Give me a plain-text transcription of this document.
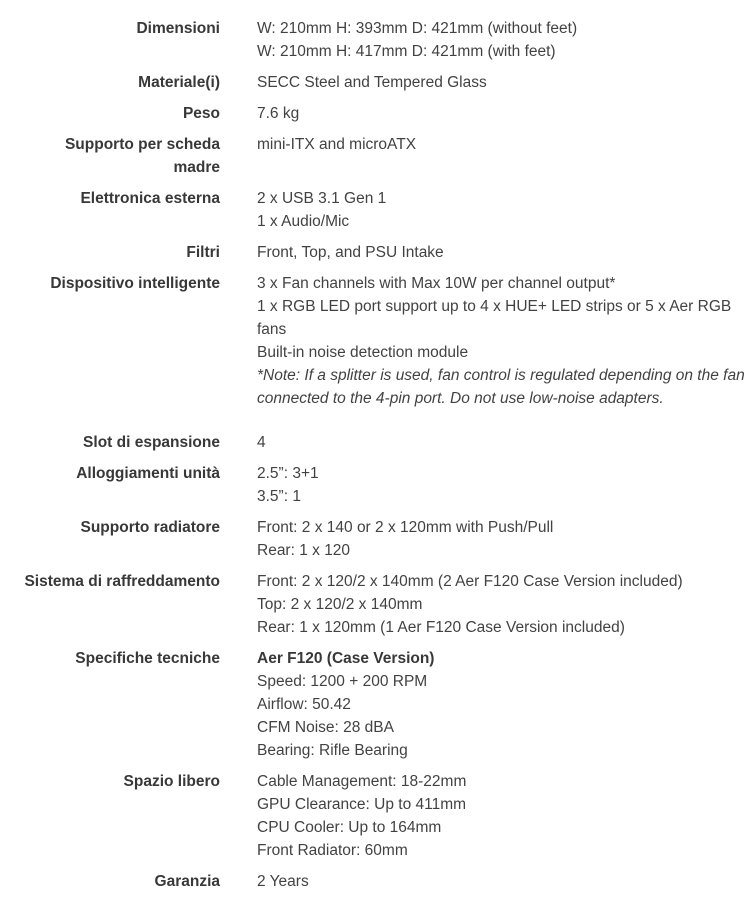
Dimensioni W: 210mm H: 393mm D: 421mm (without feet)
W: 210mm H: 417mm D: 421mm (with feet)
Materiale(i) SECC Steel and Tempered Glass
Peso 7.6 kg
Supporto per scheda madre
mini-ITX and microATX
Elettronica esterna 2 x USB 3.1 Gen 1
1 x Audio/Mic
Filtri Front, Top, and PSU Intake
Dispositivo intelligente 3 x Fan channels with Max 10W per channel output*
1 x RGB LED port support up to 4 x HUE+ LED strips or 5 x Aer RGB fans
Built-in noise detection module
*Note: If a splitter is used, fan control is regulated depending on the fan connected to the 4-pin port. Do not use low-noise adapters.
Slot di espansione 4
Alloggiamenti unità 2.5”: 3+1
3.5”: 1
Supporto radiatore Front: 2 x 140 or 2 x 120mm with Push/Pull
Rear: 1 x 120
Sistema di raffreddamento Front: 2 x 120/2 x 140mm (2 Aer F120 Case Version included)
Top: 2 x 120/2 x 140mm
Rear: 1 x 120mm (1 Aer F120 Case Version included)
Specifiche tecniche Aer F120 (Case Version)
Speed: 1200 + 200 RPM
Airflow: 50.42
CFM Noise: 28 dBA
Bearing: Rifle Bearing
Spazio libero Cable Management: 18-22mm
GPU Clearance: Up to 411mm
CPU Cooler: Up to 164mm
Front Radiator: 60mm
Garanzia 2 Years
